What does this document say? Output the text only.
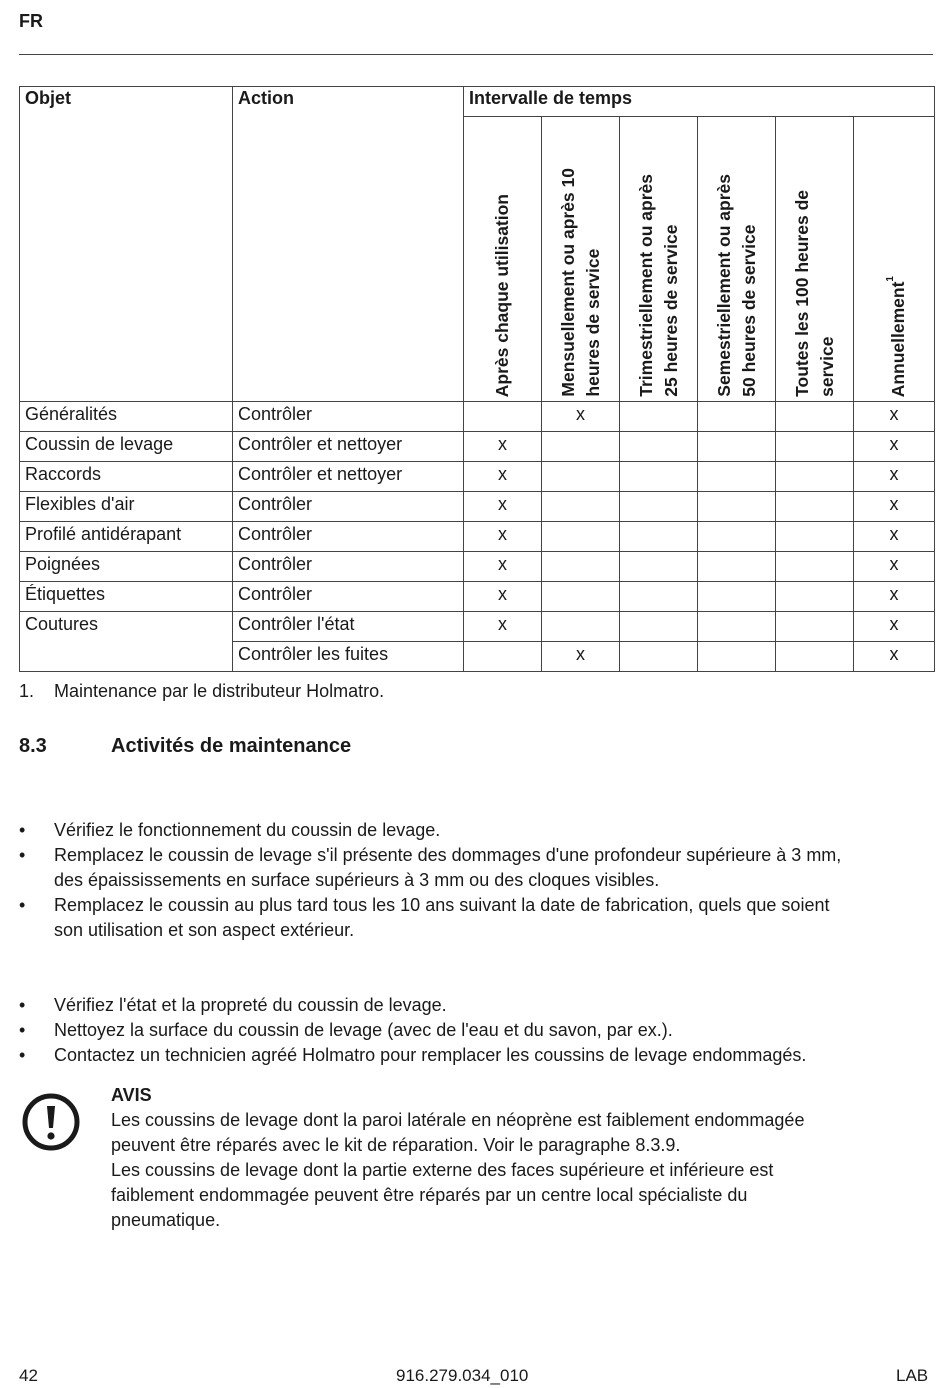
FR
Objet	Action	Intervalle de temps					

		Après chaque utilisation	Mensuellement ou après 10 heures de service	Trimestriellement ou après 25 heures de service	Semestriellement ou après 50 heures de service	Toutes les 100 heures de service	Annuellement$^1$

Généralités	Contrôler		x				x
Coussin de levage	Contrôler et nettoyer	x					x
Raccords	Contrôler et nettoyer	x					x
Flexibles d'air	Contrôler	x					x
Profilé antidérapant	Contrôler	x					x
Poignées	Contrôler	x					x
Étiquettes	Contrôler	x					x
Coutures	Contrôler l'état	x					x
	Contrôler les fuites		x				x
1. Maintenance par le distributeur Holmatro.
8.3	Activités de maintenance
• Vérifiez le fonctionnement du coussin de levage.
• Remplacez le coussin de levage s'il présente des dommages d'une profondeur supérieure à 3 mm,
des épaississements en surface supérieurs à 3 mm ou des cloques visibles.
• Remplacez le coussin au plus tard tous les 10 ans suivant la date de fabrication, quels que soient
son utilisation et son aspect extérieur.
• Vérifiez l'état et la propreté du coussin de levage.
• Nettoyez la surface du coussin de levage (avec de l'eau et du savon, par ex.).
• Contactez un technicien agréé Holmatro pour remplacer les coussins de levage endommagés.
AVIS
Les coussins de levage dont la paroi latérale en néoprène est faiblement endommagée
peuvent être réparés avec le kit de réparation. Voir le paragraphe 8.3.9.
Les coussins de levage dont la partie externe des faces supérieure et inférieure est
faiblement endommagée peuvent être réparés par un centre local spécialiste du
pneumatique.
42	916.279.034_010	LAB
